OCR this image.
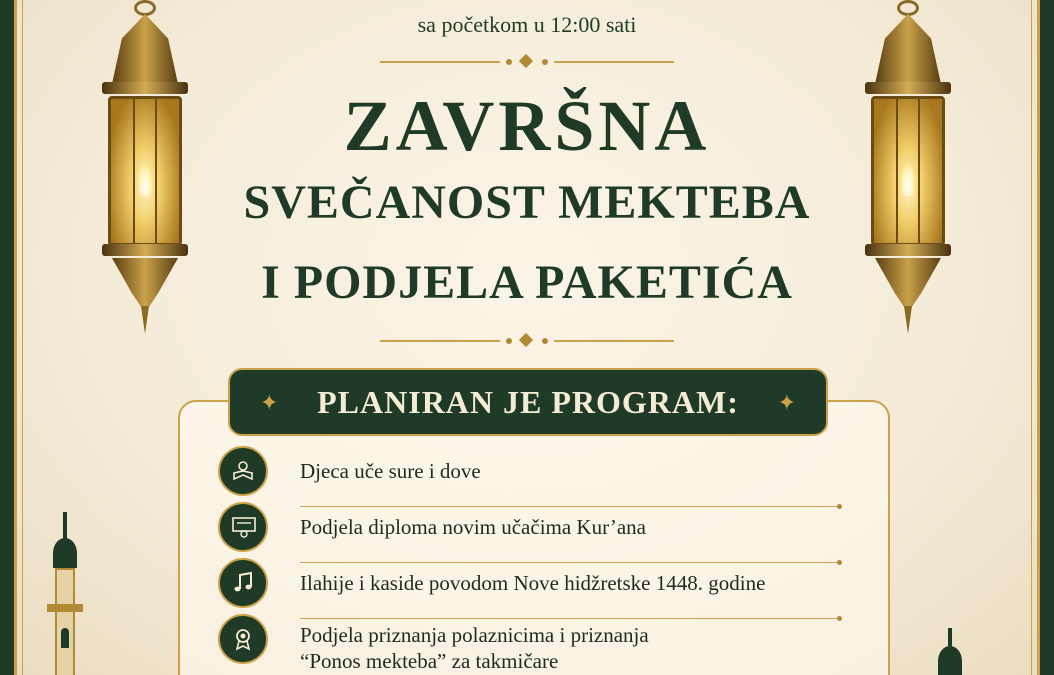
sa početkom u 12:00 sati
ZAVRŠNA
SVEČANOST MEKTEBA
I PODJELA PAKETIĆA
✦ PLANIRAN JE PROGRAM: ✦
Djeca uče sure i dove
Podjela diploma novim učačima Kur’ana
Ilahije i kaside povodom Nove hidžretske 1448. godine
Podjela priznanja polaznicima i priznanja
“Ponos mekteba” za takmičare
